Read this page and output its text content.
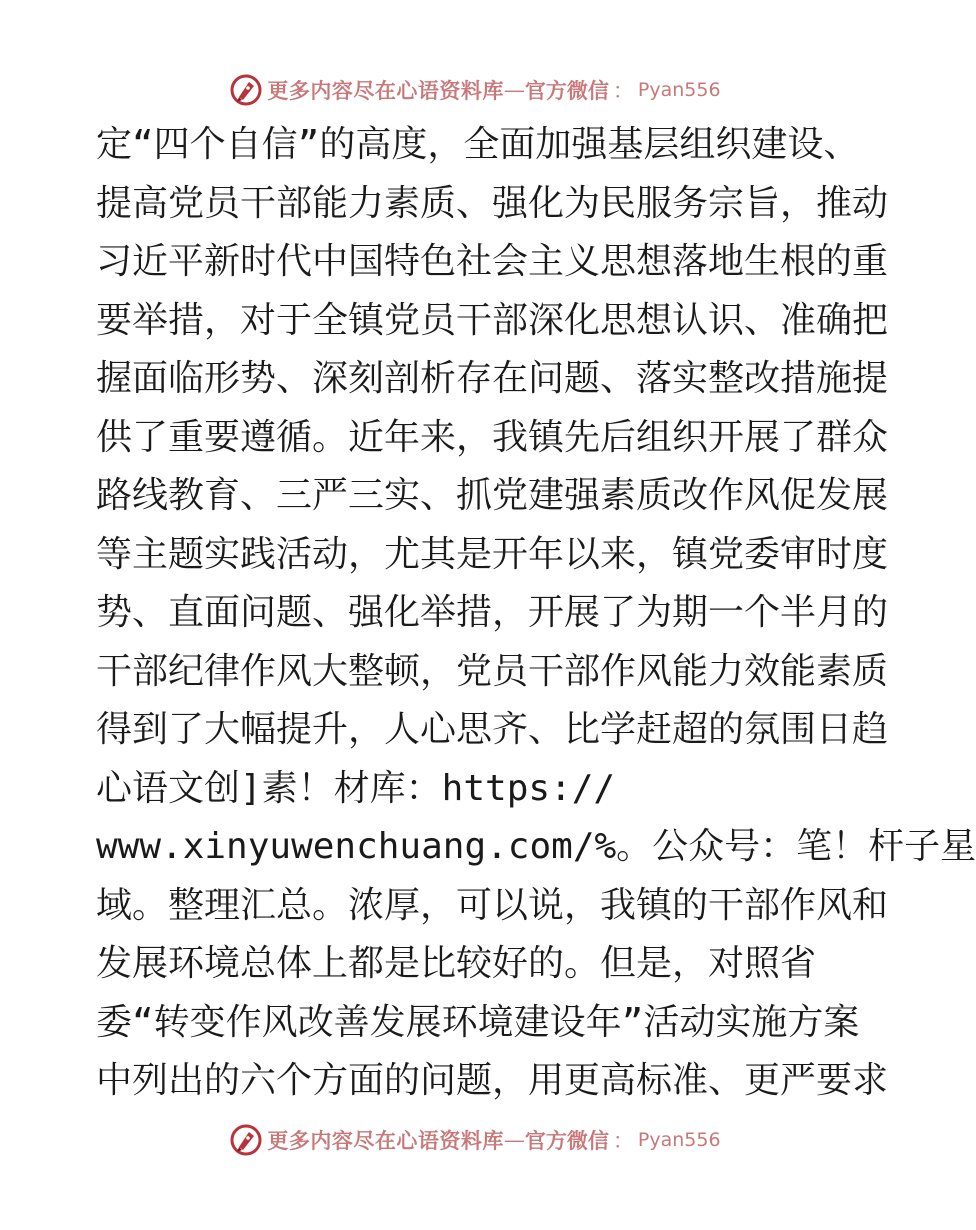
更多内容尽在心语资料库 — 官方微信 ： Pyan556
定“四个自信”的高度，全面加强基层组织建设、
提高党员干部能力素质、强化为民服务宗旨，推动
习近平新时代中国特色社会主义思想落地生根的重
要举措，对于全镇党员干部深化思想认识、准确把
握面临形势、深刻剖析存在问题、落实整改措施提
供了重要遵循。近年来，我镇先后组织开展了群众
路线教育、三严三实、抓党建强素质改作风促发展
等主题实践活动，尤其是开年以来，镇党委审时度
势、直面问题、强化举措，开展了为期一个半月的
干部纪律作风大整顿，党员干部作风能力效能素质
得到了大幅提升，人心思齐、比学赶超的氛围日趋
心语文创]素！材库：https://
www.xinyuwenchuang.com/%。公众号：笔！杆子星
域。整理汇总。浓厚，可以说，我镇的干部作风和
发展环境总体上都是比较好的。但是，对照省
委“转变作风改善发展环境建设年”活动实施方案
中列出的六个方面的问题，用更高标准、更严要求
更多内容尽在心语资料库 — 官方微信 ： Pyan556
